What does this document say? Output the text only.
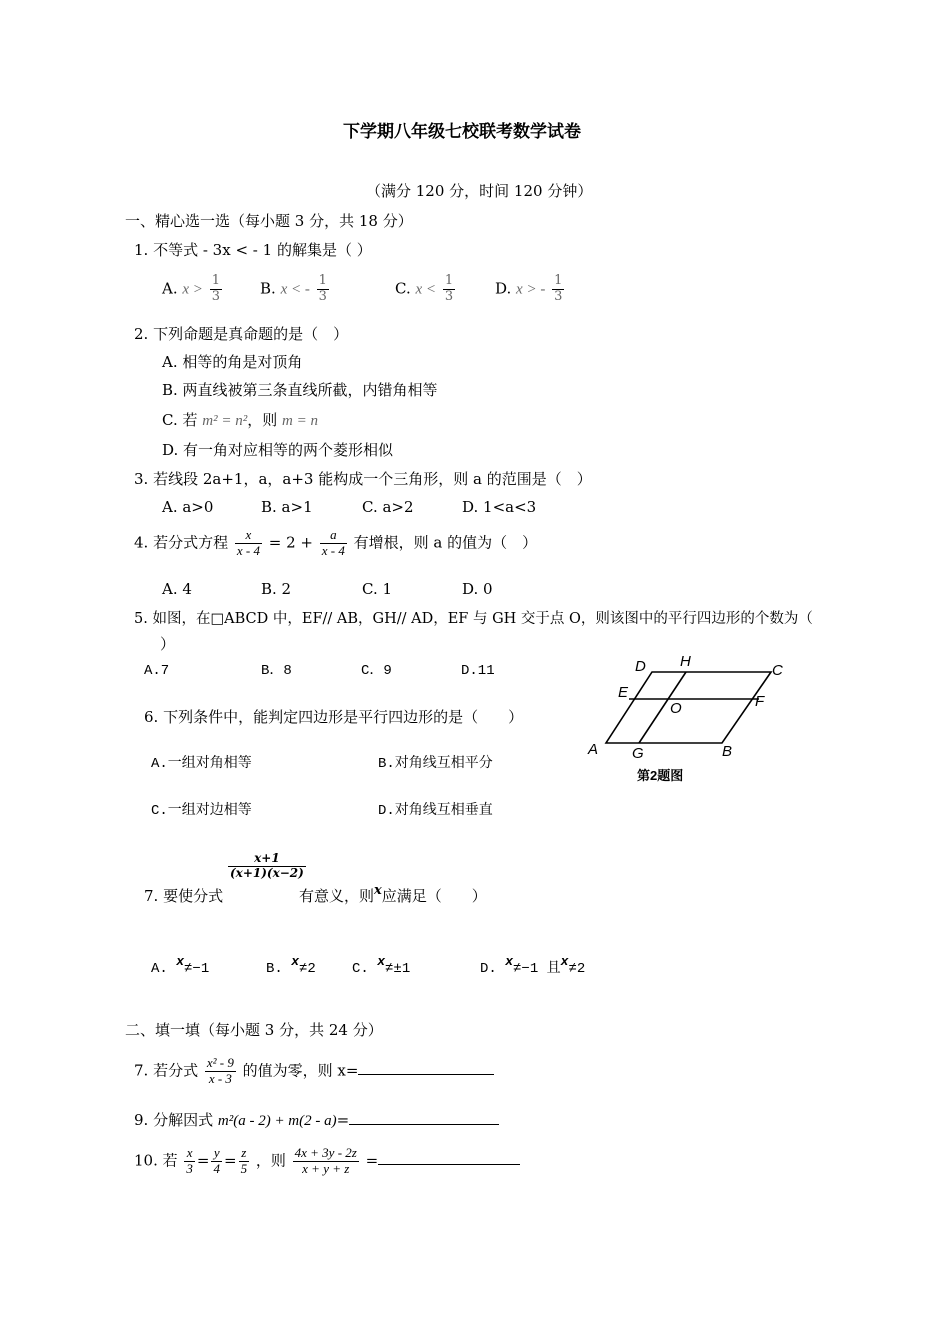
下学期八年级七校联考数学试卷
（满分 120 分，时间 120 分钟）
一、精心选一选（每小题 3 分，共 18 分）
1. 不等式 - 3x < - 1 的解集是（ ）
A. $x > \frac{1}{3}$	B. x < - $\frac{1}{3}$	C. $x < \frac{1}{3}$	D. x > - $\frac{1}{3}$
2. 下列命题是真命题的是（　）
A. 相等的角是对顶角
B. 两直线被第三条直线所截，内错角相等
C. 若 m² = n²，则 m = n
D. 有一角对应相等的两个菱形相似
3. 若线段 2a+1，a，a+3 能构成一个三角形，则 a 的范围是（　）
A. a>0	B. a>1	C. a>2	D. 1<a<3
4. 若分式方程 $\frac{x}{x - 4} = 2 + \frac{a}{x - 4}$ 有增根，则 a 的值为（　）
A. 4	B. 2	C. 1	D. 0
5. 如图，在□ABCD 中，EF// AB，GH// AD，EF 与 GH 交于点 O，则该图中的平行四边形的个数为（
）
A.7	B．8	C．9	D.11	D H
C
E
O	F
A G	B
第2题图
6. 下列条件中，能判定四边形是平行四边形的是（　　）
A.一组对角相等	B.对角线互相平分
C.一组对边相等	D.对角线互相垂直
$\frac{x+1}{(x+1)(x-2)}$
7. 要使分式	有意义，则x应满足（　　）
A. x≠−1	B. x≠2	C. x≠±1	D. x≠−1 且x≠2
二、填一填（每小题 3 分，共 24 分）
7. 若分式 $\frac{\text{x² - 9}}{x - 3}$ 的值为零，则 x=
9. 分解因式 m²(a - 2) + m(2 - a)=
10. 若 $\frac{x}{3} = \frac{y}{4} = \frac{z}{5}$ ，则 $\frac{4x + 3y - 2z}{x + y + z}$ =
